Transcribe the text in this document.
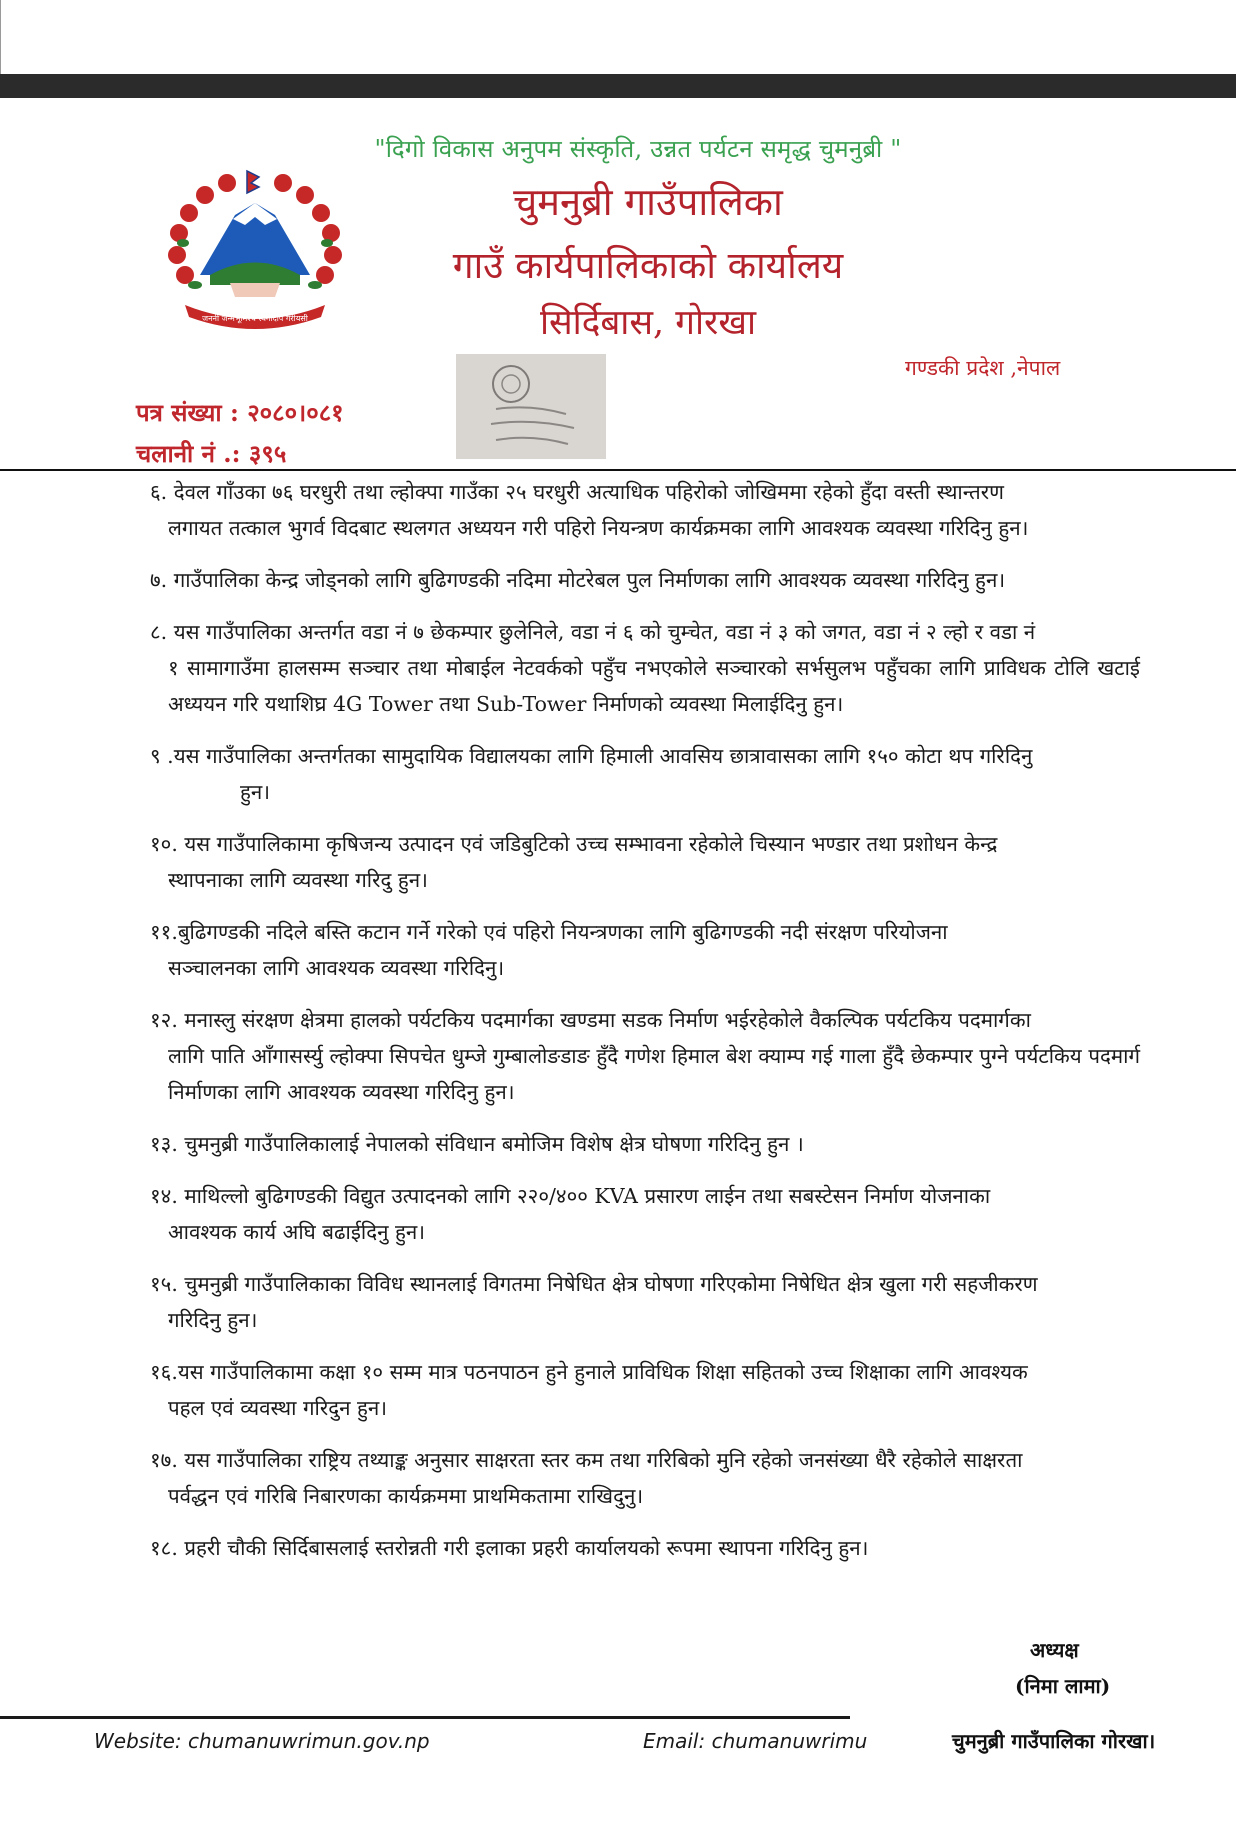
"दिगो विकास अनुपम संस्कृति, उन्नत पर्यटन समृद्ध चुमनुब्री "
जननी जन्मभूमिश्च स्वर्गादपि गरीयसी
चुमनुब्री गाउँपालिका
गाउँ कार्यपालिकाको कार्यालय
सिर्दिबास, गोरखा
गण्डकी प्रदेश ,नेपाल
पत्र संख्या : २०८०।०८१
चलानी नं .: ३९५
६. देवल गाँउका ७६ घरधुरी तथा ल्होक्पा गाउँका २५ घरधुरी अत्याधिक पहिरोको जोखिममा रहेको हुँदा वस्ती स्थान्तरण
लगायत तत्काल भुगर्व विदबाट स्थलगत अध्ययन गरी पहिरो नियन्त्रण कार्यक्रमका लागि आवश्यक व्यवस्था गरिदिनु हुन।
७. गाउँपालिका केन्द्र जोड्नको लागि बुढिगण्डकी नदिमा मोटरेबल पुल निर्माणका लागि आवश्यक व्यवस्था गरिदिनु हुन।
८. यस गाउँपालिका अन्तर्गत वडा नं ७ छेकम्पार छुलेनिले, वडा नं ६ को चुम्चेत, वडा नं ३ को जगत, वडा नं २ ल्हो र वडा नं
१ सामागाउँमा हालसम्म सञ्चार तथा मोबाईल नेटवर्कको पहुँच नभएकोले सञ्चारको सर्भसुलभ पहुँचका लागि प्राविधक टोलि खटाई अध्ययन गरि यथाशिघ्र 4G Tower तथा Sub-Tower निर्माणको व्यवस्था मिलाईदिनु हुन।
९ .यस गाउँपालिका अन्तर्गतका सामुदायिक विद्यालयका लागि हिमाली आवसिय छात्रावासका लागि १५० कोटा थप गरिदिनु
हुन।
१०. यस गाउँपालिकामा कृषिजन्य उत्पादन एवं जडिबुटिको उच्च सम्भावना रहेकोले चिस्यान भण्डार तथा प्रशोधन केन्द्र
स्थापनाका लागि व्यवस्था गरिदु हुन।
११.बुढिगण्डकी नदिले बस्ति कटान गर्ने गरेको एवं पहिरो नियन्त्रणका लागि बुढिगण्डकी नदी संरक्षण परियोजना
सञ्चालनका लागि आवश्यक व्यवस्था गरिदिनु।
१२. मनास्लु संरक्षण क्षेत्रमा हालको पर्यटकिय पदमार्गका खण्डमा सडक निर्माण भईरहेकोले वैकल्पिक पर्यटकिय पदमार्गका
लागि पाति आँगासर्स्यु ल्होक्पा सिपचेत धुम्जे गुम्बालोङडाङ हुँदै गणेश हिमाल बेश क्याम्प गई गाला हुँदै छेकम्पार पुग्ने पर्यटकिय पदमार्ग निर्माणका लागि आवश्यक व्यवस्था गरिदिनु हुन।
१३. चुमनुब्री गाउँपालिकालाई नेपालको संविधान बमोजिम विशेष क्षेत्र घोषणा गरिदिनु हुन ।
१४. माथिल्लो बुढिगण्डकी विद्युत उत्पादनको लागि २२०/४०० KVA प्रसारण लाईन तथा सबस्टेसन निर्माण योजनाका
आवश्यक कार्य अघि बढाईदिनु हुन।
१५. चुमनुब्री गाउँपालिकाका विविध स्थानलाई विगतमा निषेधित क्षेत्र घोषणा गरिएकोमा निषेधित क्षेत्र खुला गरी सहजीकरण
गरिदिनु हुन।
१६.यस गाउँपालिकामा कक्षा १० सम्म मात्र पठनपाठन हुने हुनाले प्राविधिक शिक्षा सहितको उच्च शिक्षाका लागि आवश्यक
पहल एवं व्यवस्था गरिदुन हुन।
१७. यस गाउँपालिका राष्ट्रिय तथ्याङ्क अनुसार साक्षरता स्तर कम तथा गरिबिको मुनि रहेको जनसंख्या धैरै रहेकोले साक्षरता
पर्वद्धन एवं गरिबि निबारणका कार्यक्रममा प्राथमिकतामा राखिदुनु।
१८. प्रहरी चौकी सिर्दिबासलाई स्तरोन्नती गरी इलाका प्रहरी कार्यालयको रूपमा स्थापना गरिदिनु हुन।
अध्यक्ष
(निमा लामा)
Website: chumanuwrimun.gov.np	Email: chumanuwrimu	चुमनुब्री गाउँपालिका गोरखा।
